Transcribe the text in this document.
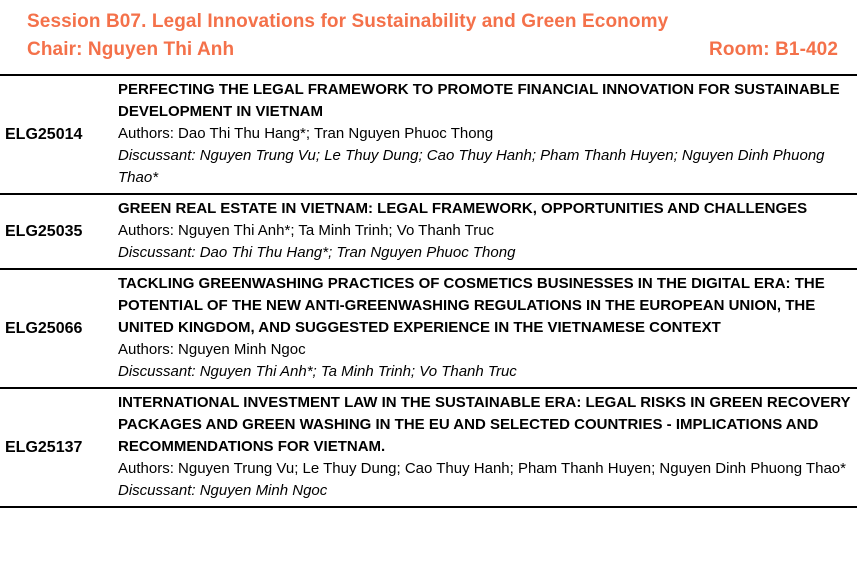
Session B07. Legal Innovations for Sustainability and Green Economy
Chair: Nguyen Thi Anh	Room: B1-402
ELG25014
PERFECTING THE LEGAL FRAMEWORK TO PROMOTE FINANCIAL INNOVATION FOR SUSTAINABLE DEVELOPMENT IN VIETNAM
Authors: Dao Thi Thu Hang*; Tran Nguyen Phuoc Thong
Discussant: Nguyen Trung Vu; Le Thuy Dung; Cao Thuy Hanh; Pham Thanh Huyen; Nguyen Dinh Phuong Thao*
ELG25035
GREEN REAL ESTATE IN VIETNAM: LEGAL FRAMEWORK, OPPORTUNITIES AND CHALLENGES
Authors: Nguyen Thi Anh*; Ta Minh Trinh; Vo Thanh Truc
Discussant: Dao Thi Thu Hang*; Tran Nguyen Phuoc Thong
ELG25066
TACKLING GREENWASHING PRACTICES OF COSMETICS BUSINESSES IN THE DIGITAL ERA: THE POTENTIAL OF THE NEW ANTI-GREENWASHING REGULATIONS IN THE EUROPEAN UNION, THE UNITED KINGDOM, AND SUGGESTED EXPERIENCE IN THE VIETNAMESE CONTEXT
Authors: Nguyen Minh Ngoc
Discussant: Nguyen Thi Anh*; Ta Minh Trinh; Vo Thanh Truc
ELG25137
INTERNATIONAL INVESTMENT LAW IN THE SUSTAINABLE ERA: LEGAL RISKS IN GREEN RECOVERY PACKAGES AND GREEN WASHING IN THE EU AND SELECTED COUNTRIES - IMPLICATIONS AND RECOMMENDATIONS FOR VIETNAM.
Authors: Nguyen Trung Vu; Le Thuy Dung; Cao Thuy Hanh; Pham Thanh Huyen; Nguyen Dinh Phuong Thao*
Discussant: Nguyen Minh Ngoc
